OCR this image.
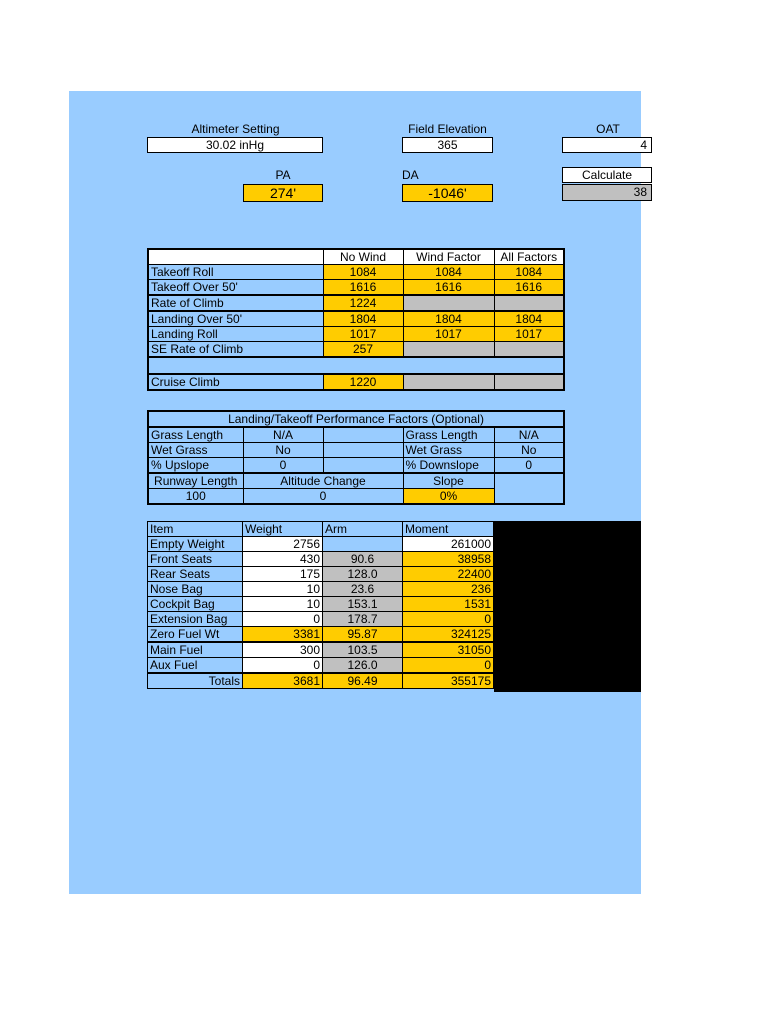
Altimeter Setting
30.02 inHg
Field Elevation
365
OAT
4
PA
274'
DA
-1046'
Calculate
38
	No Wind	Wind Factor	All Factors
Takeoff Roll	1084	1084	1084
Takeoff Over 50'	1616	1616	1616
Rate of Climb	1224		
Landing Over 50'	1804	1804	1804
Landing Roll	1017	1017	1017
SE Rate of Climb	257		

Cruise Climb	1220		
Landing/Takeoff Performance Factors (Optional)				
Grass Length	N/A		Grass Length	N/A
Wet Grass	No		Wet Grass	No
% Upslope	0		% Downslope	0
Runway Length	Altitude Change		Slope	
100	0		0%	
Item	Weight	Arm	Moment
Empty Weight	2756		261000
Front Seats	430	90.6	38958
Rear Seats	175	128.0	22400
Nose Bag	10	23.6	236
Cockpit Bag	10	153.1	1531
Extension Bag	0	178.7	0
Zero Fuel Wt	3381	95.87	324125
Main Fuel	300	103.5	31050
Aux Fuel	0	126.0	0
Totals	3681	96.49	355175
